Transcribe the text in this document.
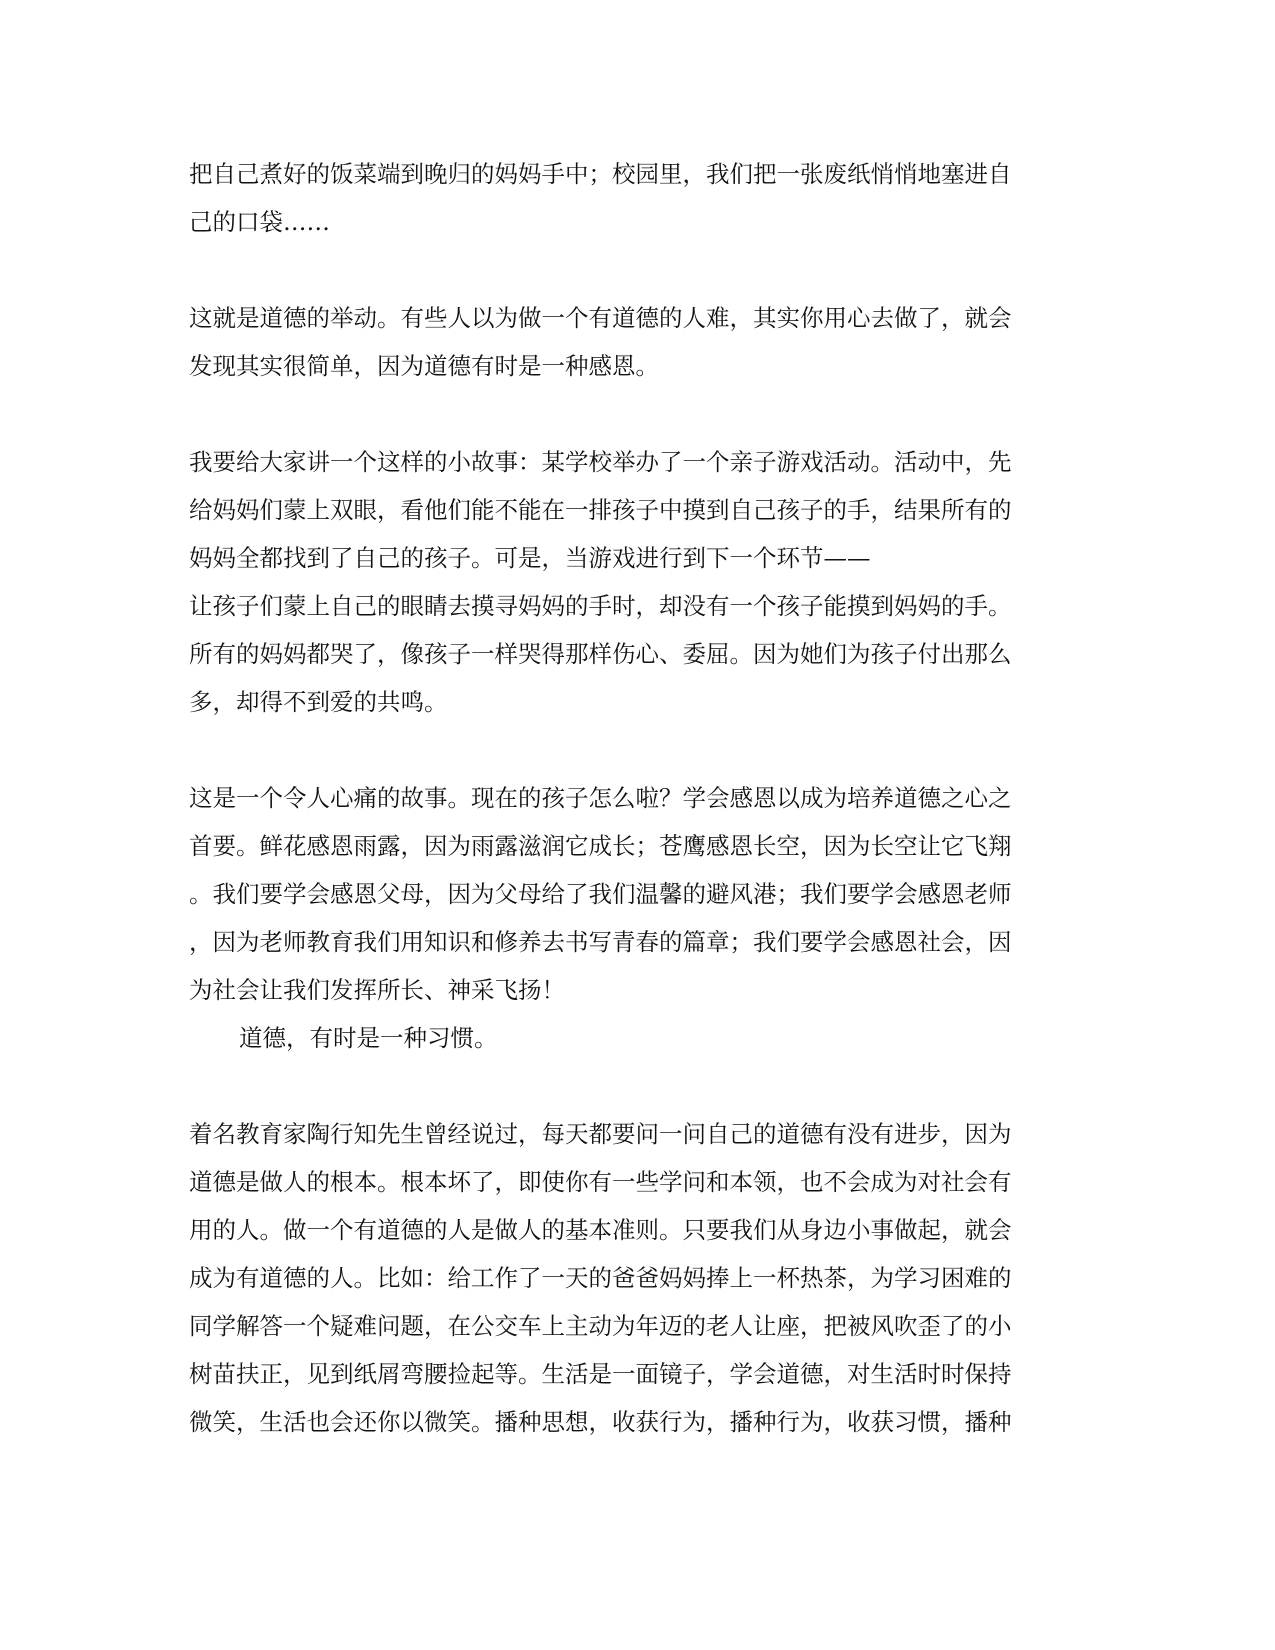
把自己煮好的饭菜端到晚归的妈妈手中；校园里，我们把一张废纸悄悄地塞进自
己的口袋……
这就是道德的举动。有些人以为做一个有道德的人难，其实你用心去做了，就会
发现其实很简单，因为道德有时是一种感恩。
我要给大家讲一个这样的小故事：某学校举办了一个亲子游戏活动。活动中，先
给妈妈们蒙上双眼，看他们能不能在一排孩子中摸到自己孩子的手，结果所有的
妈妈全都找到了自己的孩子。可是，当游戏进行到下一个环节——
让孩子们蒙上自己的眼睛去摸寻妈妈的手时，却没有一个孩子能摸到妈妈的手。
所有的妈妈都哭了，像孩子一样哭得那样伤心、委屈。因为她们为孩子付出那么
多，却得不到爱的共鸣。
这是一个令人心痛的故事。现在的孩子怎么啦？学会感恩以成为培养道德之心之
首要。鲜花感恩雨露，因为雨露滋润它成长；苍鹰感恩长空，因为长空让它飞翔
。我们要学会感恩父母，因为父母给了我们温馨的避风港；我们要学会感恩老师
，因为老师教育我们用知识和修养去书写青春的篇章；我们要学会感恩社会，因
为社会让我们发挥所长、神采飞扬！
道德，有时是一种习惯。
着名教育家陶行知先生曾经说过，每天都要问一问自己的道德有没有进步，因为
道德是做人的根本。根本坏了，即使你有一些学问和本领，也不会成为对社会有
用的人。做一个有道德的人是做人的基本准则。只要我们从身边小事做起，就会
成为有道德的人。比如：给工作了一天的爸爸妈妈捧上一杯热茶，为学习困难的
同学解答一个疑难问题，在公交车上主动为年迈的老人让座，把被风吹歪了的小
树苗扶正，见到纸屑弯腰捡起等。生活是一面镜子，学会道德，对生活时时保持
微笑，生活也会还你以微笑。播种思想，收获行为，播种行为，收获习惯，播种
